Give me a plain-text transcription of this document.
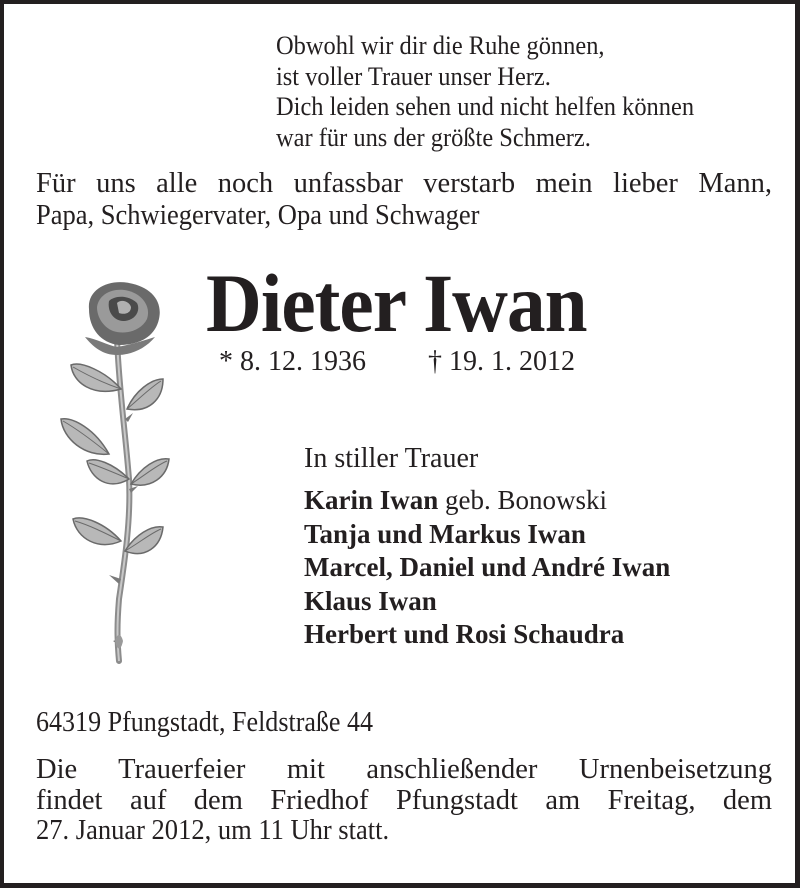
Obwohl wir dir die Ruhe gönnen,
ist voller Trauer unser Herz.
Dich leiden sehen und nicht helfen können
war für uns der größte Schmerz.
Für uns alle noch unfassbar verstarb mein lieber Mann,
Papa, Schwiegervater, Opa und Schwager
Dieter Iwan
* 8. 12. 1936 † 19. 1. 2012
In stiller Trauer
Karin Iwan geb. Bonowski
Tanja und Markus Iwan
Marcel, Daniel und André Iwan
Klaus Iwan
Herbert und Rosi Schaudra
64319 Pfungstadt, Feldstraße 44
Die Trauerfeier mit anschließender Urnenbeisetzung
findet auf dem Friedhof Pfungstadt am Freitag, dem
27. Januar 2012, um 11 Uhr statt.
